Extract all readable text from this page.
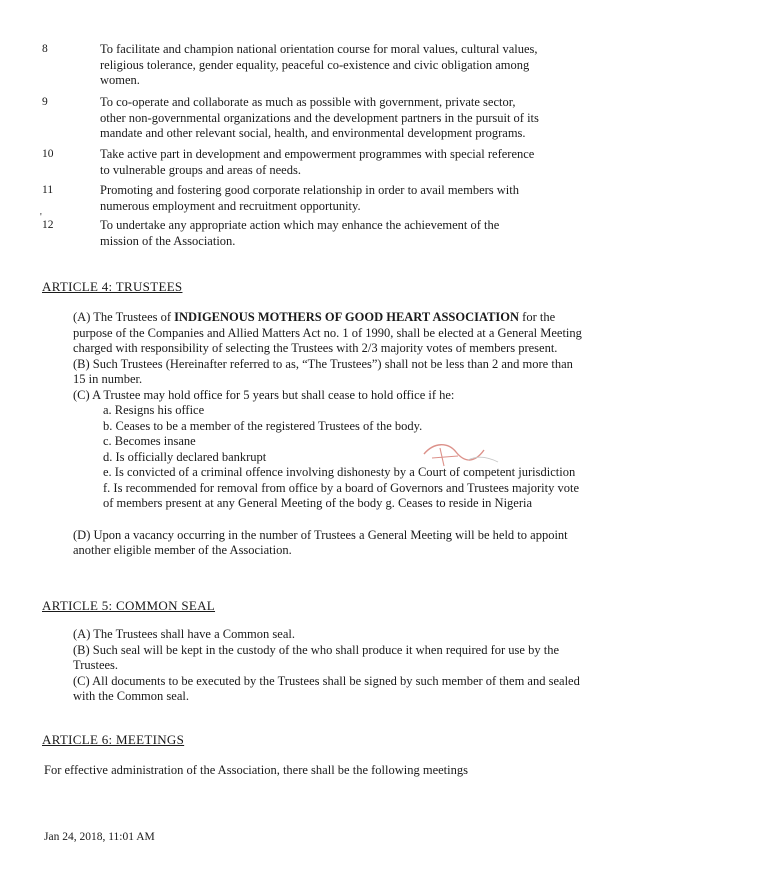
8	To facilitate and champion national orientation course for moral values, cultural values,
religious tolerance, gender equality, peaceful co-existence and civic obligation among
women.
9	To co-operate and collaborate as much as possible with government, private sector,
other non-governmental organizations and the development partners in the pursuit of its
mandate and other relevant social, health, and environmental development programs.
10	Take active part in development and empowerment programmes with special reference
to vulnerable groups and areas of needs.
11	Promoting and fostering good corporate relationship in order to avail members with
numerous employment and recruitment opportunity.
'
12	To undertake any appropriate action which may enhance the achievement of the
mission of the Association.
ARTICLE 4: TRUSTEES

(A) The Trustees of INDIGENOUS MOTHERS OF GOOD HEART ASSOCIATION for the

purpose of the Companies and Allied Matters Act no. 1 of 1990, shall be elected at a General Meeting

charged with responsibility of selecting the Trustees with 2/3 majority votes of members present.

(B) Such Trustees (Hereinafter referred to as, “The Trustees”) shall not be less than 2 and more than

15 in number.

(C) A Trustee may hold office for 5 years but shall cease to hold office if he:

a. Resigns his office

b. Ceases to be a member of the registered Trustees of the body.

c. Becomes insane

d. Is officially declared bankrupt

e. Is convicted of a criminal offence involving dishonesty by a Court of competent jurisdiction

f. Is recommended for removal from office by a board of Governors and Trustees majority vote

of members present at any General Meeting of the body g. Ceases to reside in Nigeria

(D) Upon a vacancy occurring in the number of Trustees a General Meeting will be held to appoint

another eligible member of the Association.

ARTICLE 5: COMMON SEAL

(A) The Trustees shall have a Common seal.

(B) Such seal will be kept in the custody of the who shall produce it when required for use by the

Trustees.

(C) All documents to be executed by the Trustees shall be signed by such member of them and sealed

with the Common seal.

ARTICLE 6: MEETINGS
For effective administration of the Association, there shall be the following meetings
Jan 24, 2018, 11:01 AM
